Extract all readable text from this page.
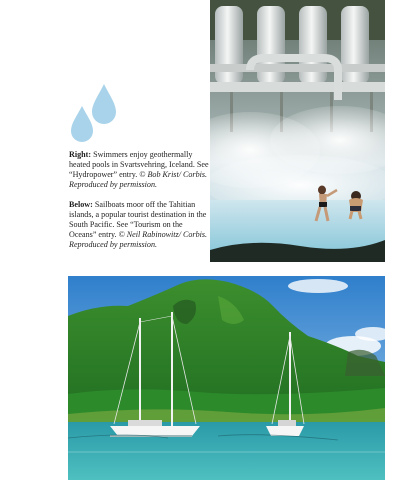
Right: Swimmers enjoy geothermally heated pools in Svartsvehring, Iceland. See “Hydropower” entry. © Bob Krist/ Corbis. Reproduced by permission.

Below: Sailboats moor off the Tahitian islands, a popular tourist destination in the South Pacific. See “Tourism on the Oceans” entry. © Neil Rabinowitz/ Corbis. Reproduced by permission.
